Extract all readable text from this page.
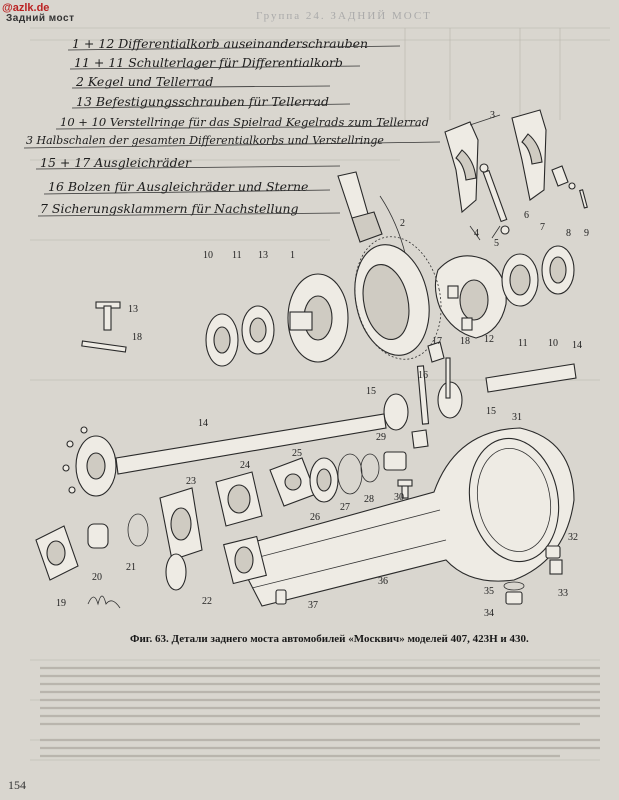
@azlk.de
Задний мост	Группа 24. ЗАДНИЙ МОСТ
1 + 12 Differentialkorb auseinanderschrauben
11 + 11 Schulterlager für Differentialkorb
2 Kegel und Tellerrad
13 Befestigungsschrauben für Tellerrad
10 + 10 Verstellringe für das Spielrad Kegelrads zum Tellerrad
3 Halbschalen der gesamten Differentialkorbs und Verstellringe
15 + 17 Ausgleichräder
16 Bolzen für Ausgleichräder und Sterne
7 Sicherungsklammern für Nachstellung
10 11 13 1
2
3
4
5
6
7
8 9
12 11 10
13
18	17 18
16
14
15
15
14
29
31
30
25
24
23
26
27
28
32
33
35
34
36
37
22
21
20
19
Фиг. 63. Детали заднего моста автомобилей «Москвич» моделей 407, 423Н и 430.
154
